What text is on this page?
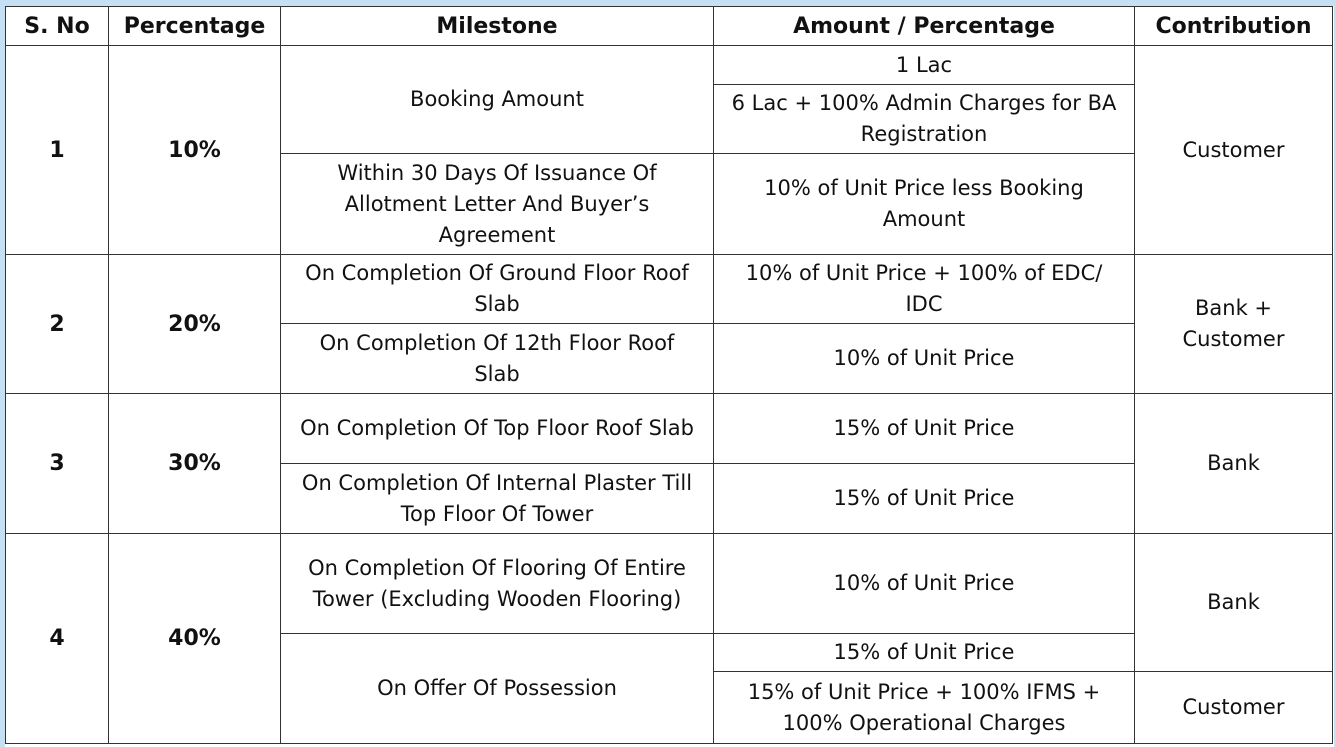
S. No	Percentage	Milestone	Amount / Percentage	Contribution
1	10%	Booking Amount	1 Lac	Customer
			6 Lac + 100% Admin Charges for BA Registration	
		Within 30 Days Of Issuance Of Allotment Letter And Buyer’s Agreement	10% of Unit Price less Booking Amount	
2	20%	On Completion Of Ground Floor Roof Slab	10% of Unit Price + 100% of EDC/ IDC	Bank + Customer
		On Completion Of 12th Floor Roof Slab	10% of Unit Price	
3	30%	On Completion Of Top Floor Roof Slab	15% of Unit Price	Bank
		On Completion Of Internal Plaster Till Top Floor Of Tower	15% of Unit Price	
4	40%	On Completion Of Flooring Of Entire Tower (Excluding Wooden Flooring)	10% of Unit Price	Bank
		On Offer Of Possession	15% of Unit Price	
			15% of Unit Price + 100% IFMS + 100% Operational Charges	Customer
